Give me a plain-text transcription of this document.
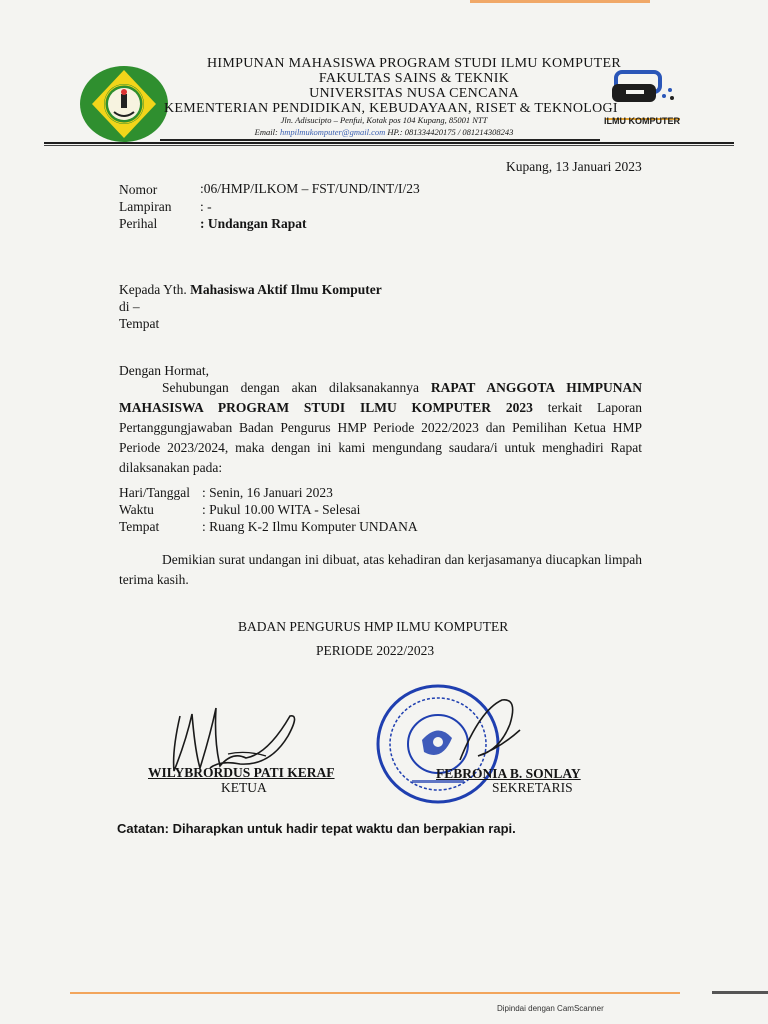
ILMU KOMPUTER
HIMPUNAN MAHASISWA PROGRAM STUDI ILMU KOMPUTER
FAKULTAS SAINS & TEKNIK
UNIVERSITAS NUSA CENCANA
KEMENTERIAN PENDIDIKAN, KEBUDAYAAN, RISET & TEKNOLOGI
Jln. Adisucipto – Penfui, Kotak pos 104 Kupang, 85001 NTT
Email: hmpilmukomputer@gmail.com HP.: 081334420175 / 081214308243
Kupang, 13 Januari 2023
Nomor	:06/HMP/ILKOM – FST/UND/INT/I/23
Lampiran : -
Perihal	: Undangan Rapat
Kepada Yth. Mahasiswa Aktif Ilmu Komputer
di –
Tempat
Dengan Hormat,
Sehubungan dengan akan dilaksanakannya RAPAT ANGGOTA HIMPUNAN MAHASISWA PROGRAM STUDI ILMU KOMPUTER 2023 terkait Laporan Pertanggungjawaban Badan Pengurus HMP Periode 2022/2023 dan Pemilihan Ketua HMP Periode 2023/2024, maka dengan ini kami mengundang saudara/i untuk menghadiri Rapat dilaksanakan pada:
Hari/Tanggal : Senin, 16 Januari 2023
Waktu	: Pukul 10.00 WITA - Selesai
Tempat	: Ruang K-2 Ilmu Komputer UNDANA
Demikian surat undangan ini dibuat, atas kehadiran dan kerjasamanya diucapkan limpah terima kasih.
BADAN PENGURUS HMP ILMU KOMPUTER
PERIODE 2022/2023
WILYBRORDUS PATI KERAF
KETUA
FEBRONIA B. SONLAY
SEKRETARIS
Catatan: Diharapkan untuk hadir tepat waktu dan berpakian rapi.
Dipindai dengan CamScanner
